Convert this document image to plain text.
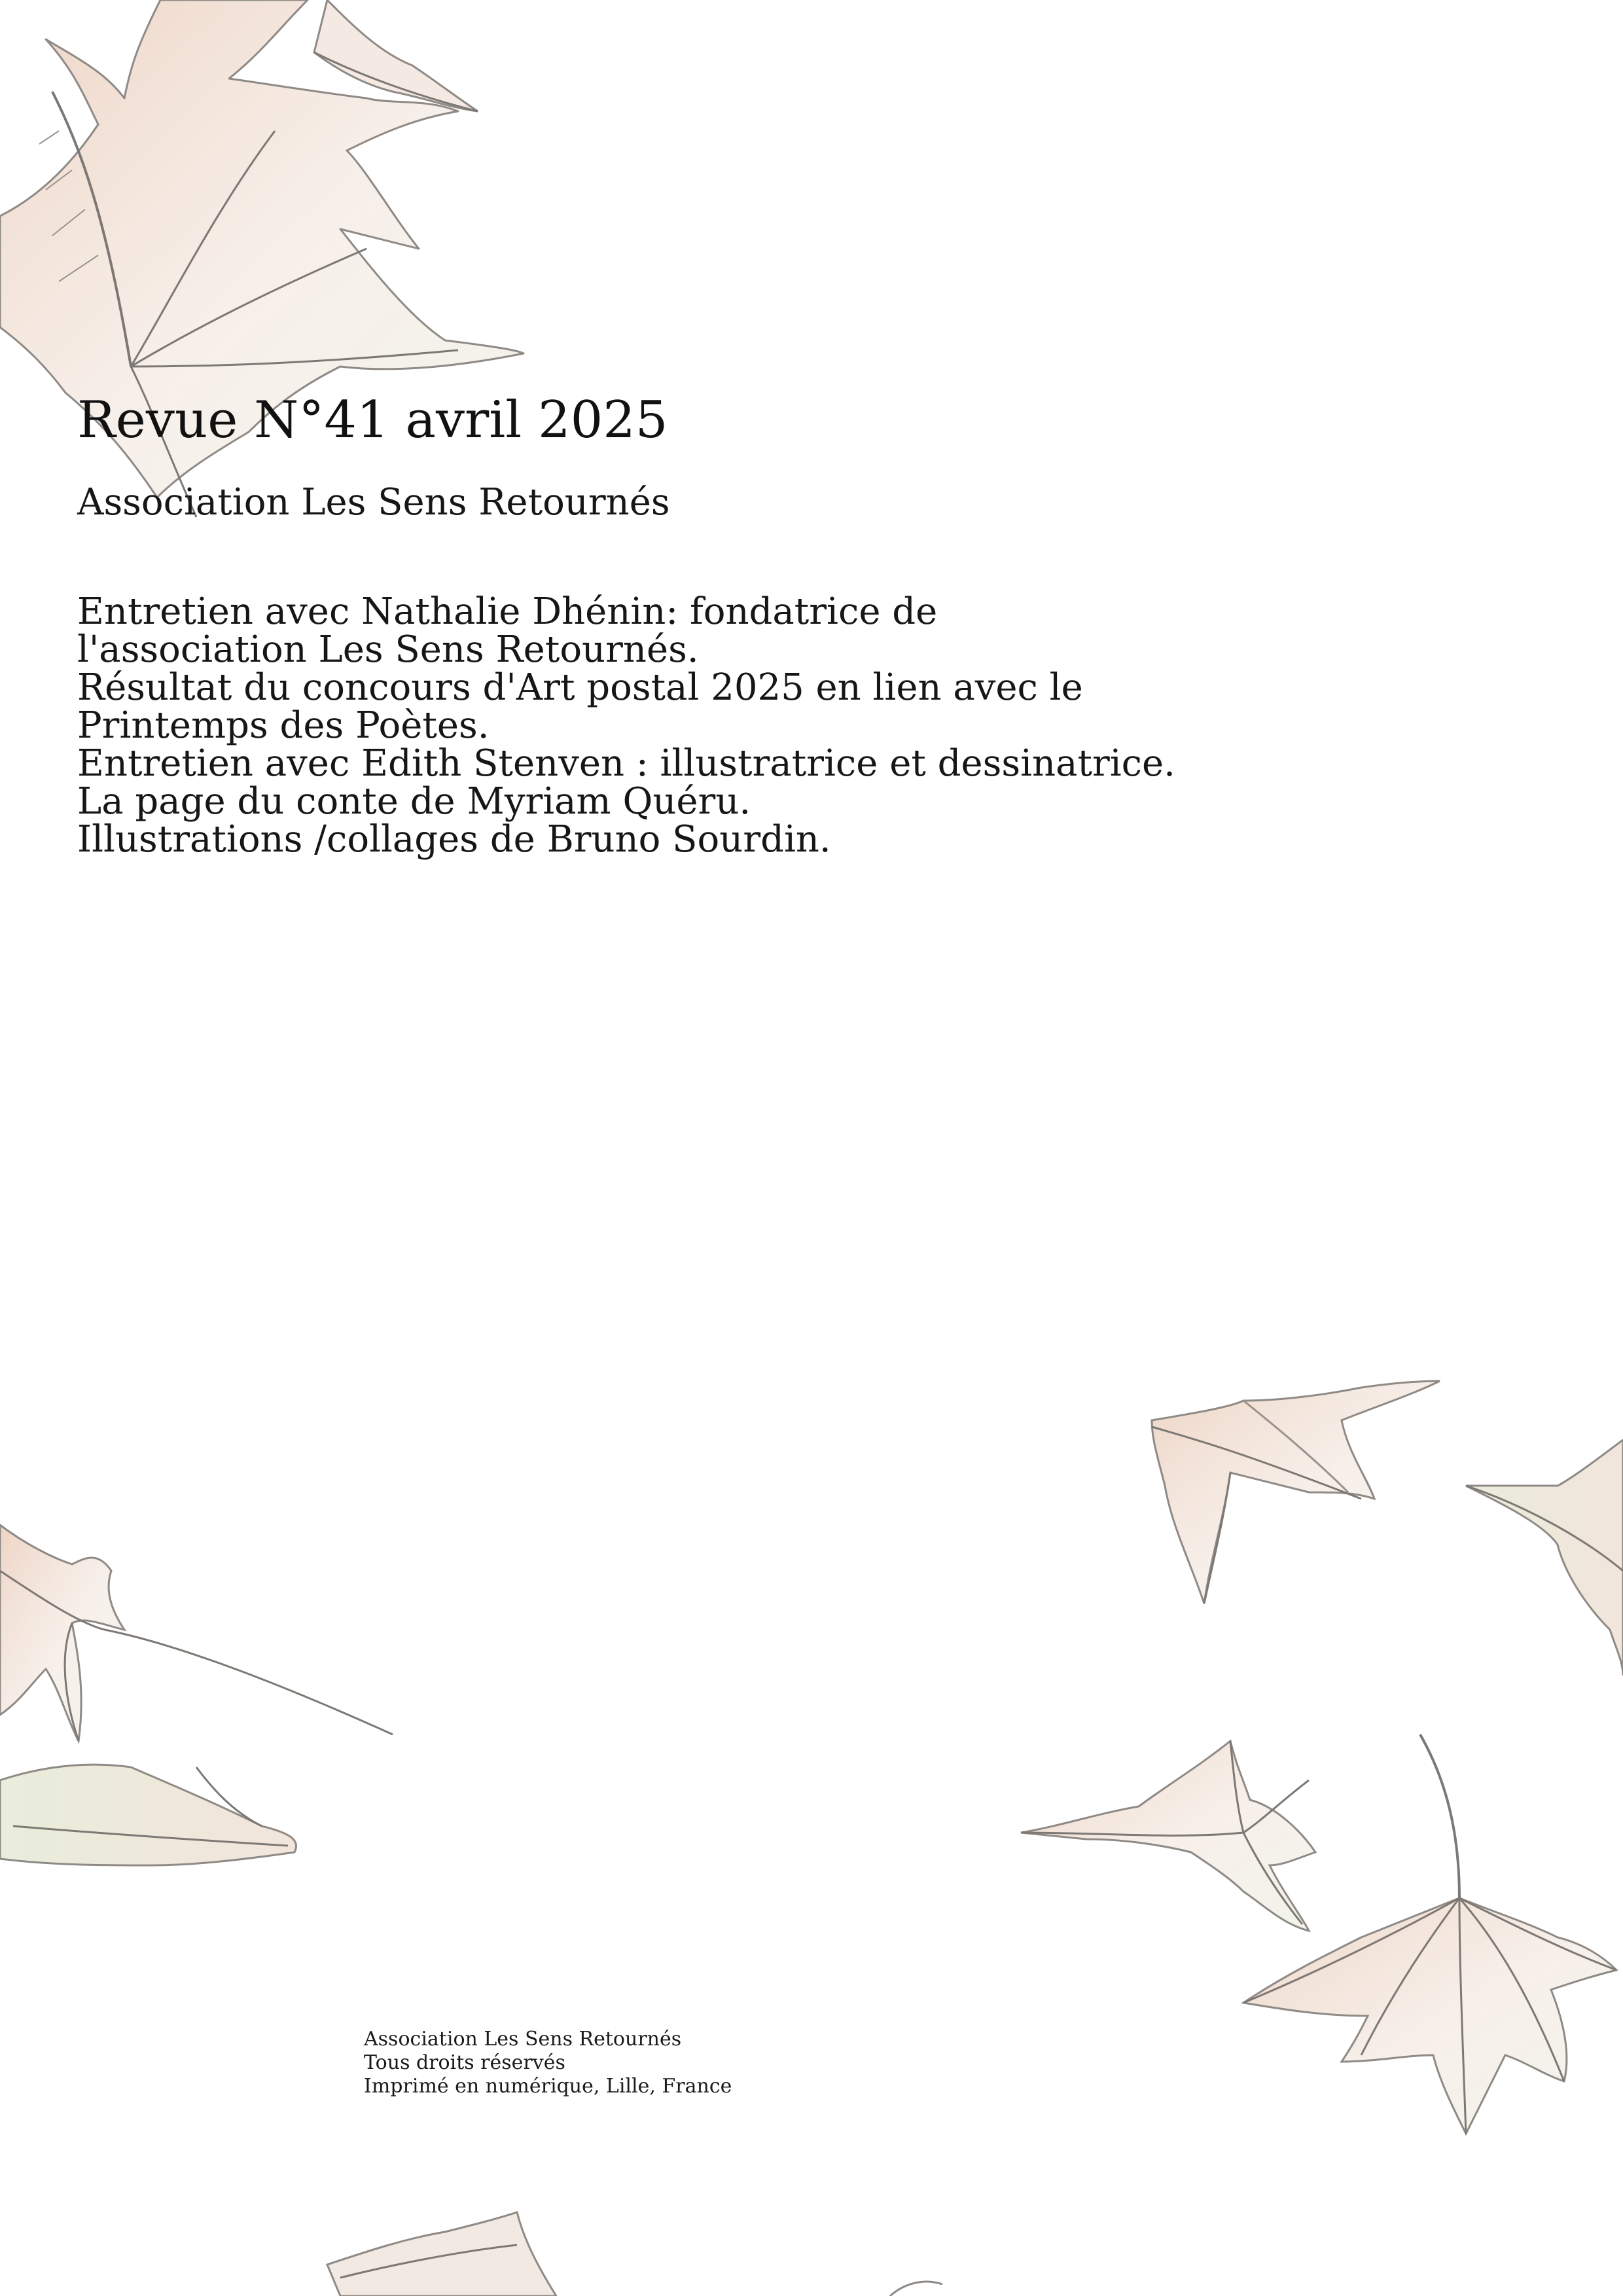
Revue N°41 avril 2025

Association Les Sens Retournés

Entretien avec Nathalie Dhénin: fondatrice de
l'association Les Sens Retournés.
Résultat du concours d'Art postal 2025 en lien avec le
Printemps des Poètes.
Entretien avec Edith Stenven : illustratrice et dessinatrice.
La page du conte de Myriam Quéru.
Illustrations /collages de Bruno Sourdin.
Association Les Sens Retournés
Tous droits réservés
Imprimé en numérique, Lille, France
